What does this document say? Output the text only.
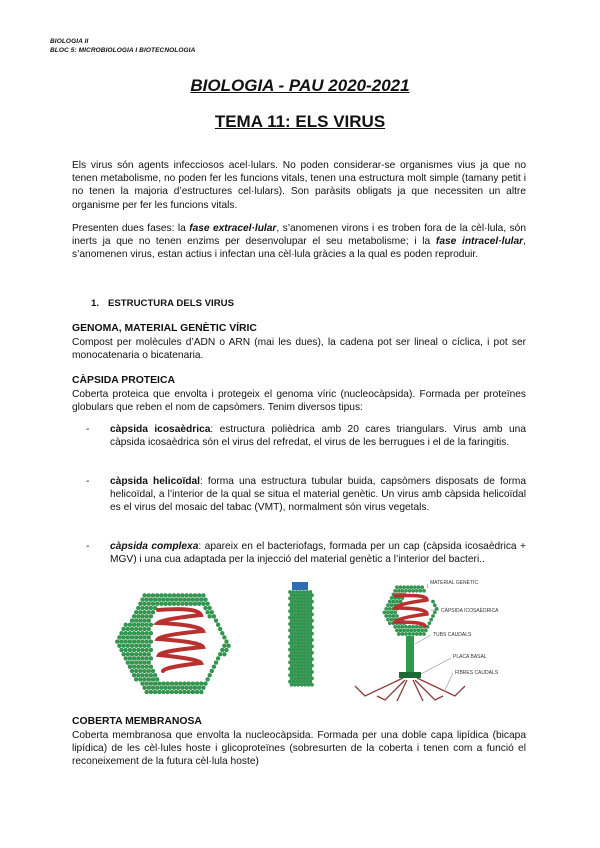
BIOLOGIA II
BLOC 5: MICROBIOLOGIA I BIOTECNOLOGIA
BIOLOGIA - PAU 2020-2021
TEMA 11: ELS VIRUS

Els virus són agents infecciosos acel·lulars. No poden considerar-se organismes vius ja que no tenen metabolisme, no poden fer les funcions vitals, tenen una estructura molt simple (tamany petit i no tenen la majoria d’estructures cel·lulars). Son paràsits obligats ja que necessiten un altre organisme per fer les funcions vitals.

Presenten dues fases: la fase extracel·lular, s’anomenen virons i es troben fora de la cèl·lula, són inerts ja que no tenen enzims per desenvolupar el seu metabolisme; i la fase intracel·lular, s’anomenen virus, estan actius i infectan una cèl·lula gràcies a la qual es poden reproduir.

1. ESTRUCTURA DELS VIRUS
GENOMA, MATERIAL GENÈTIC VÍRIC

Compost per molècules d’ADN o ARN (mai les dues), la cadena pot ser lineal o cíclica, i pot ser monocatenaria o bicatenaria.

CÀPSIDA PROTEICA

Coberta proteica que envolta i protegeix el genoma víric (nucleocàpsida). Formada per proteïnes globulars que reben el nom de capsòmers. Tenim diversos tipus:

- càpsida icosaèdrica: estructura polièdrica amb 20 cares triangulars. Virus amb una càpsida icosaèdrica són el virus del refredat, el virus de les berrugues i el de la faringitis.
- càpsida helicoïdal: forma una estructura tubular buida, capsòmers disposats de forma helicoïdal, a l’interior de la qual se situa el material genètic. Un virus amb càpsida helicoïdal es el virus del mosaic del tabac (VMT), normalment són virus vegetals.
- càpsida complexa: apareix en el bacteriofags, formada per un cap (càpsida icosaèdrica + MGV) i una cua adaptada per la injecció del material genètic a l’interior del bacteri..
MATERIAL GENÈTIC
CÀPSIDA ICOSAÈDRICA
TUBS CAUDALS
PLACA BASAL
FIBRES CAUDALS
COBERTA MEMBRANOSA

Coberta membranosa que envolta la nucleocàpsida. Formada per una doble capa lipídica (bicapa lipídica) de les cèl·lules hoste i glicoproteïnes (sobresurten de la coberta i tenen com a funció el reconeixement de la futura cèl·lula hoste)
